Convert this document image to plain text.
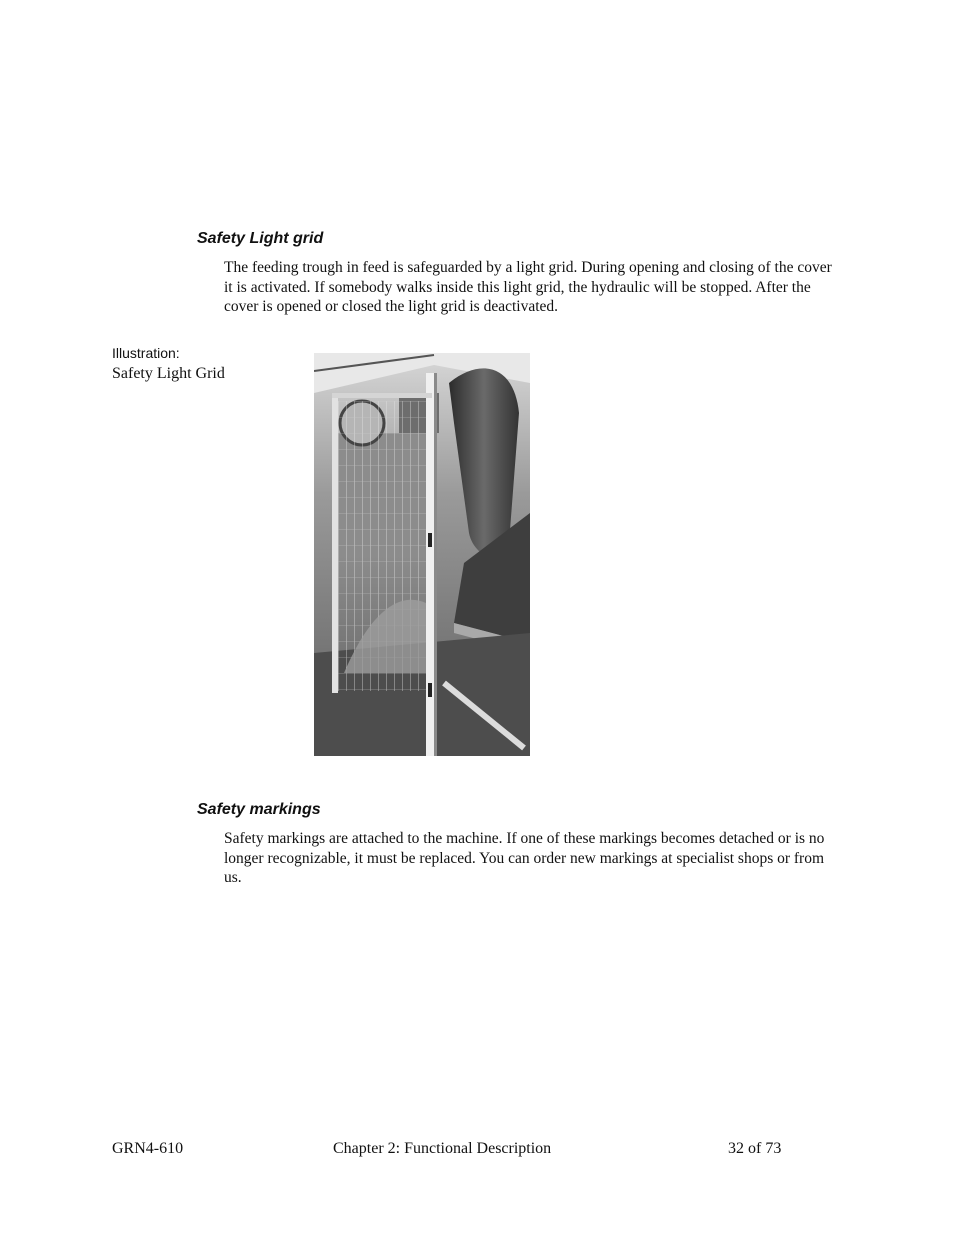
Safety Light grid

The feeding trough in feed is safeguarded by a light grid. During opening and closing of the cover it is activated. If somebody walks inside this light grid, the hydraulic will be stopped. After the cover is opened or closed the light grid is deactivated.

Illustration:
Safety Light Grid
Safety markings

Safety markings are attached to the machine. If one of these markings becomes detached or is no longer recognizable, it must be replaced. You can order new markings at specialist shops or from us.

GRN4-610	Chapter 2: Functional Description	32 of 73
